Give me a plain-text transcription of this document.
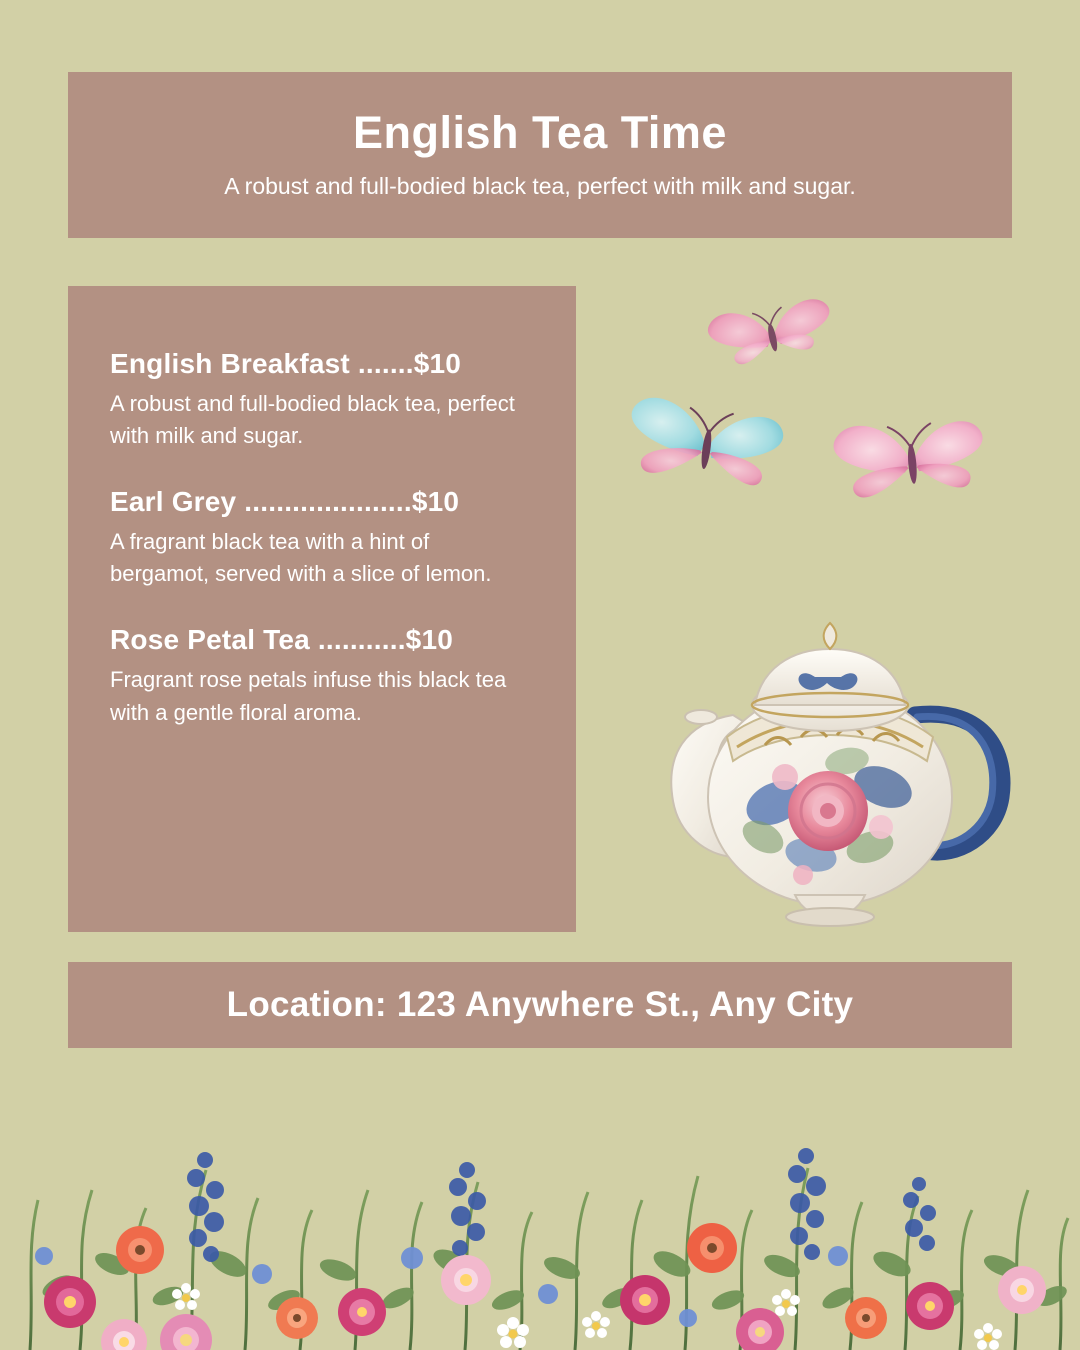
English Tea Time
A robust and full-bodied black tea, perfect with milk and sugar.
English Breakfast .......$10
A robust and full-bodied black tea, perfect with milk and sugar.
Earl Grey .....................$10
A fragrant black tea with a hint of bergamot, served with a slice of lemon.
Rose Petal Tea ...........$10
Fragrant rose petals infuse this black tea with a gentle floral aroma.
Location: 123 Anywhere St., Any City
